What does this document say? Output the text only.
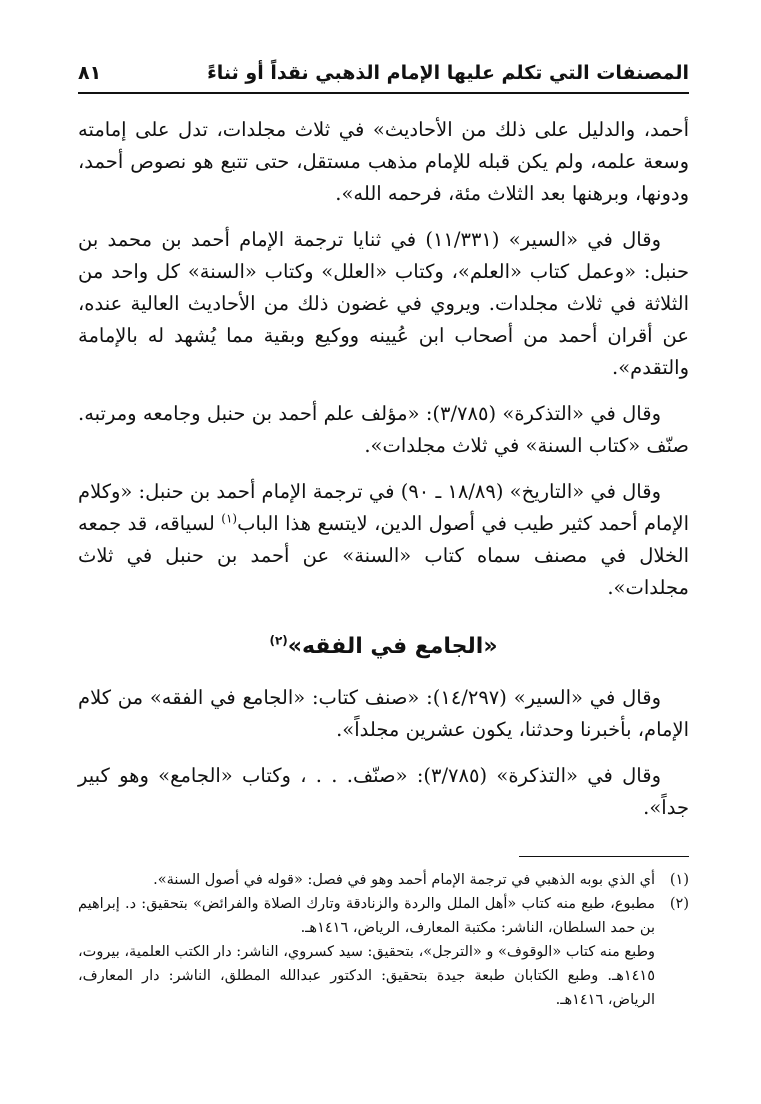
المصنفات التي تكلم عليها الإمام الذهبي نقداً أو ثناءً
٨١

أحمد، والدليل على ذلك من الأحاديث» في ثلاث مجلدات، تدل على إمامته وسعة علمه، ولم يكن قبله للإمام مذهب مستقل، حتى تتبع هو نصوص أحمد، ودونها، وبرهنها بعد الثلاث مئة، فرحمه الله».

وقال في «السير» (١١/٣٣١) في ثنايا ترجمة الإمام أحمد بن محمد بن حنبل: «وعمل كتاب «العلم»، وكتاب «العلل» وكتاب «السنة» كل واحد من الثلاثة في ثلاث مجلدات. ويروي في غضون ذلك من الأحاديث العالية عنده، عن أقران أحمد من أصحاب ابن عُيينه ووكيع وبقية مما يُشهد له بالإمامة والتقدم».

وقال في «التذكرة» (٣/٧٨٥): «مؤلف علم أحمد بن حنبل وجامعه ومرتبه. صنّف «كتاب السنة» في ثلاث مجلدات».

وقال في «التاريخ» (١٨/٨٩ ـ ٩٠) في ترجمة الإمام أحمد بن حنبل: «وكلام الإمام أحمد كثير طيب في أصول الدين، لايتسع هذا الباب$^{(١)}$ لسياقه، قد جمعه الخلال في مصنف سماه كتاب «السنة» عن أحمد بن حنبل في ثلاث مجلدات».

«الجامع في الفقه»$^{(٢)}$

وقال في «السير» (١٤/٢٩٧): «صنف كتاب: «الجامع في الفقه» من كلام الإمام، بأخبرنا وحدثنا، يكون عشرين مجلداً».

وقال في «التذكرة» (٣/٧٨٥): «صنّف. . . ، وكتاب «الجامع» وهو كبير جداً».

(١)
أي الذي بوبه الذهبي في ترجمة الإمام أحمد وهو في فصل: «قوله في أصول السنة».
(٢)
مطبوع، طبع منه كتاب «أهل الملل والردة والزنادقة وتارك الصلاة والفرائض» بتحقيق: د. إبراهيم بن حمد السلطان، الناشر: مكتبة المعارف، الرياض، ١٤١٦هـ.
وطبع منه كتاب «الوقوف» و «الترجل»، بتحقيق: سيد كسروي، الناشر: دار الكتب العلمية، بيروت، ١٤١٥هـ. وطبع الكتابان طبعة جيدة بتحقيق: الدكتور عبدالله المطلق، الناشر: دار المعارف، الرياض، ١٤١٦هـ.
